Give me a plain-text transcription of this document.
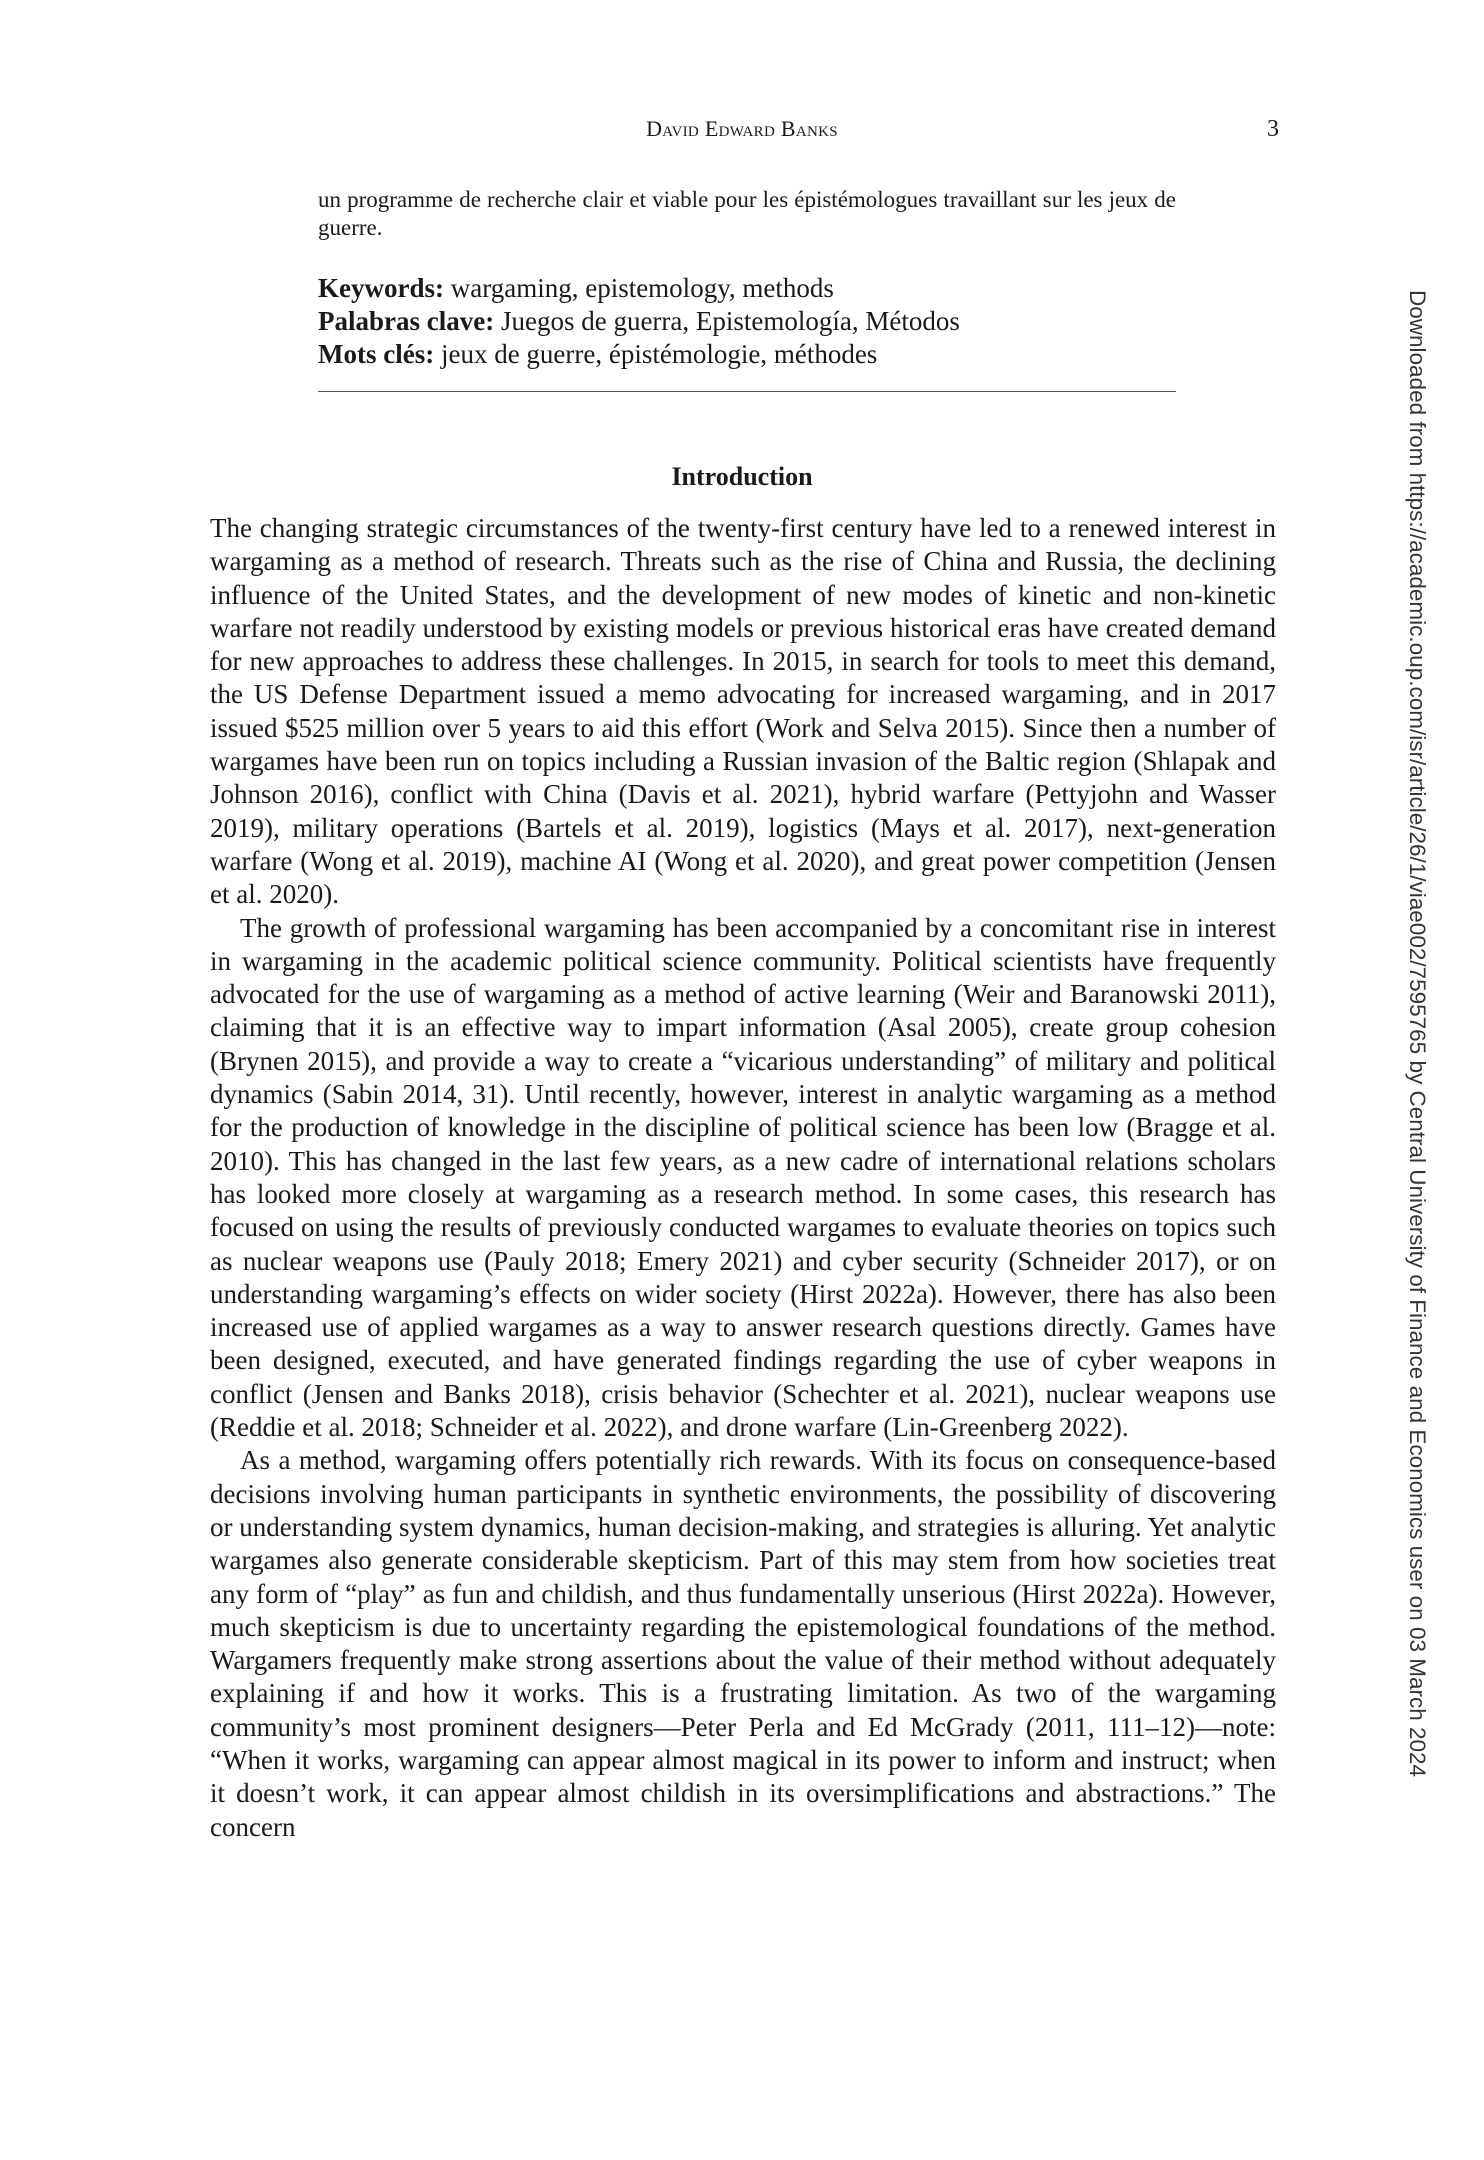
David Edward Banks	3
un programme de recherche clair et viable pour les épistémologues travaillant sur les jeux de guerre.
Keywords: wargaming, epistemology, methods
Palabras clave: Juegos de guerra, Epistemología, Métodos
Mots clés: jeux de guerre, épistémologie, méthodes
Introduction

The changing strategic circumstances of the twenty-first century have led to a renewed interest in wargaming as a method of research. Threats such as the rise of China and Russia, the declining influence of the United States, and the development of new modes of kinetic and non-kinetic warfare not readily understood by existing models or previous historical eras have created demand for new approaches to address these challenges. In 2015, in search for tools to meet this demand, the US Defense Department issued a memo advocating for increased wargaming, and in 2017 issued $525 million over 5 years to aid this effort (Work and Selva 2015). Since then a number of wargames have been run on topics including a Russian invasion of the Baltic region (Shlapak and Johnson 2016), conflict with China (Davis et al. 2021), hybrid warfare (Pettyjohn and Wasser 2019), military operations (Bartels et al. 2019), logistics (Mays et al. 2017), next-generation warfare (Wong et al. 2019), machine AI (Wong et al. 2020), and great power competition (Jensen et al. 2020).

The growth of professional wargaming has been accompanied by a concomitant rise in interest in wargaming in the academic political science community. Political scientists have frequently advocated for the use of wargaming as a method of active learning (Weir and Baranowski 2011), claiming that it is an effective way to impart information (Asal 2005), create group cohesion (Brynen 2015), and provide a way to create a “vicarious understanding” of military and political dynamics (Sabin 2014, 31). Until recently, however, interest in analytic wargaming as a method for the production of knowledge in the discipline of political science has been low (Bragge et al. 2010). This has changed in the last few years, as a new cadre of international relations scholars has looked more closely at wargaming as a research method. In some cases, this research has focused on using the results of previously conducted wargames to evaluate theories on topics such as nuclear weapons use (Pauly 2018; Emery 2021) and cyber security (Schneider 2017), or on understanding wargaming’s effects on wider society (Hirst 2022a). However, there has also been increased use of applied wargames as a way to answer research questions directly. Games have been designed, executed, and have generated findings regarding the use of cyber weapons in conflict (Jensen and Banks 2018), crisis behavior (Schechter et al. 2021), nuclear weapons use (Reddie et al. 2018; Schneider et al. 2022), and drone warfare (Lin-Greenberg 2022).

As a method, wargaming offers potentially rich rewards. With its focus on consequence-based decisions involving human participants in synthetic environments, the possibility of discovering or understanding system dynamics, human decision-making, and strategies is alluring. Yet analytic wargames also generate considerable skepticism. Part of this may stem from how societies treat any form of “play” as fun and childish, and thus fundamentally unserious (Hirst 2022a). However, much skepticism is due to uncertainty regarding the epistemological foundations of the method. Wargamers frequently make strong assertions about the value of their method without adequately explaining if and how it works. This is a frustrating limitation. As two of the wargaming community’s most prominent designers—Peter Perla and Ed McGrady (2011, 111–12)—note: “When it works, wargaming can appear almost magical in its power to inform and instruct; when it doesn’t work, it can appear almost childish in its oversimplifications and abstractions.” The concern

Downloaded from https://academic.oup.com/isr/article/26/1/viae002/7595765 by Central University of Finance and Economics user on 03 March 2024
